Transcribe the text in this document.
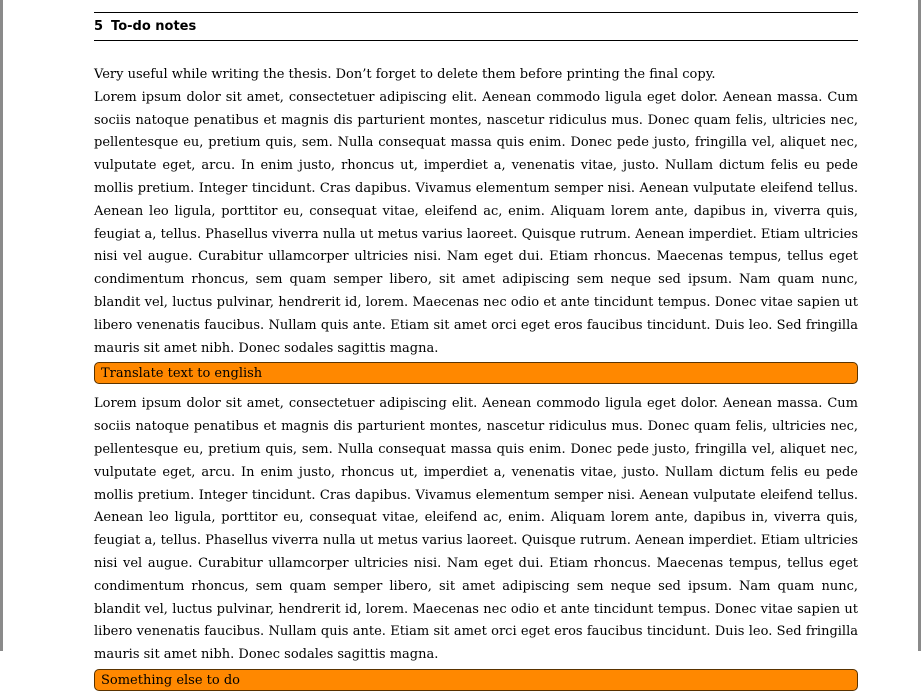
5 To-do notes
Very useful while writing the thesis. Don’t forget to delete them before printing the final copy.

Lorem ipsum dolor sit amet, consectetuer adipiscing elit. Aenean commodo ligula eget dolor. Aenean massa. Cum sociis natoque penatibus et magnis dis parturient montes, nascetur ridiculus mus. Donec quam felis, ultricies nec, pellentesque eu, pretium quis, sem. Nulla consequat massa quis enim. Donec pede justo, fringilla vel, aliquet nec, vulputate eget, arcu. In enim justo, rhoncus ut, imperdiet a, venenatis vitae, justo. Nullam dictum felis eu pede mollis pretium. Integer tincidunt. Cras dapibus. Vivamus elementum semper nisi. Aenean vulputate eleifend tellus. Aenean leo ligula, porttitor eu, consequat vitae, eleifend ac, enim. Aliquam lorem ante, dapibus in, viverra quis, feugiat a, tellus. Phasellus viverra nulla ut metus varius laoreet. Quisque rutrum. Aenean imperdiet. Etiam ultricies nisi vel augue. Curabitur ullamcorper ultricies nisi. Nam eget dui. Etiam rhoncus. Maecenas tempus, tellus eget condimentum rhoncus, sem quam semper libero, sit amet adipiscing sem neque sed ipsum. Nam quam nunc, blandit vel, luctus pulvinar, hendrerit id, lorem. Maecenas nec odio et ante tincidunt tempus. Donec vitae sapien ut libero venenatis faucibus. Nullam quis ante. Etiam sit amet orci eget eros faucibus tincidunt. Duis leo. Sed fringilla mauris sit amet nibh. Donec sodales sagittis magna.

Translate text to english

Lorem ipsum dolor sit amet, consectetuer adipiscing elit. Aenean commodo ligula eget dolor. Aenean massa. Cum sociis natoque penatibus et magnis dis parturient montes, nascetur ridiculus mus. Donec quam felis, ultricies nec, pellentesque eu, pretium quis, sem. Nulla consequat massa quis enim. Donec pede justo, fringilla vel, aliquet nec, vulputate eget, arcu. In enim justo, rhoncus ut, imperdiet a, venenatis vitae, justo. Nullam dictum felis eu pede mollis pretium. Integer tincidunt. Cras dapibus. Vivamus elementum semper nisi. Aenean vulputate eleifend tellus. Aenean leo ligula, porttitor eu, consequat vitae, eleifend ac, enim. Aliquam lorem ante, dapibus in, viverra quis, feugiat a, tellus. Phasellus viverra nulla ut metus varius laoreet. Quisque rutrum. Aenean imperdiet. Etiam ultricies nisi vel augue. Curabitur ullamcorper ultricies nisi. Nam eget dui. Etiam rhoncus. Maecenas tempus, tellus eget condimentum rhoncus, sem quam semper libero, sit amet adipiscing sem neque sed ipsum. Nam quam nunc, blandit vel, luctus pulvinar, hendrerit id, lorem. Maecenas nec odio et ante tincidunt tempus. Donec vitae sapien ut libero venenatis faucibus. Nullam quis ante. Etiam sit amet orci eget eros faucibus tincidunt. Duis leo. Sed fringilla mauris sit amet nibh. Donec sodales sagittis magna.

Something else to do
